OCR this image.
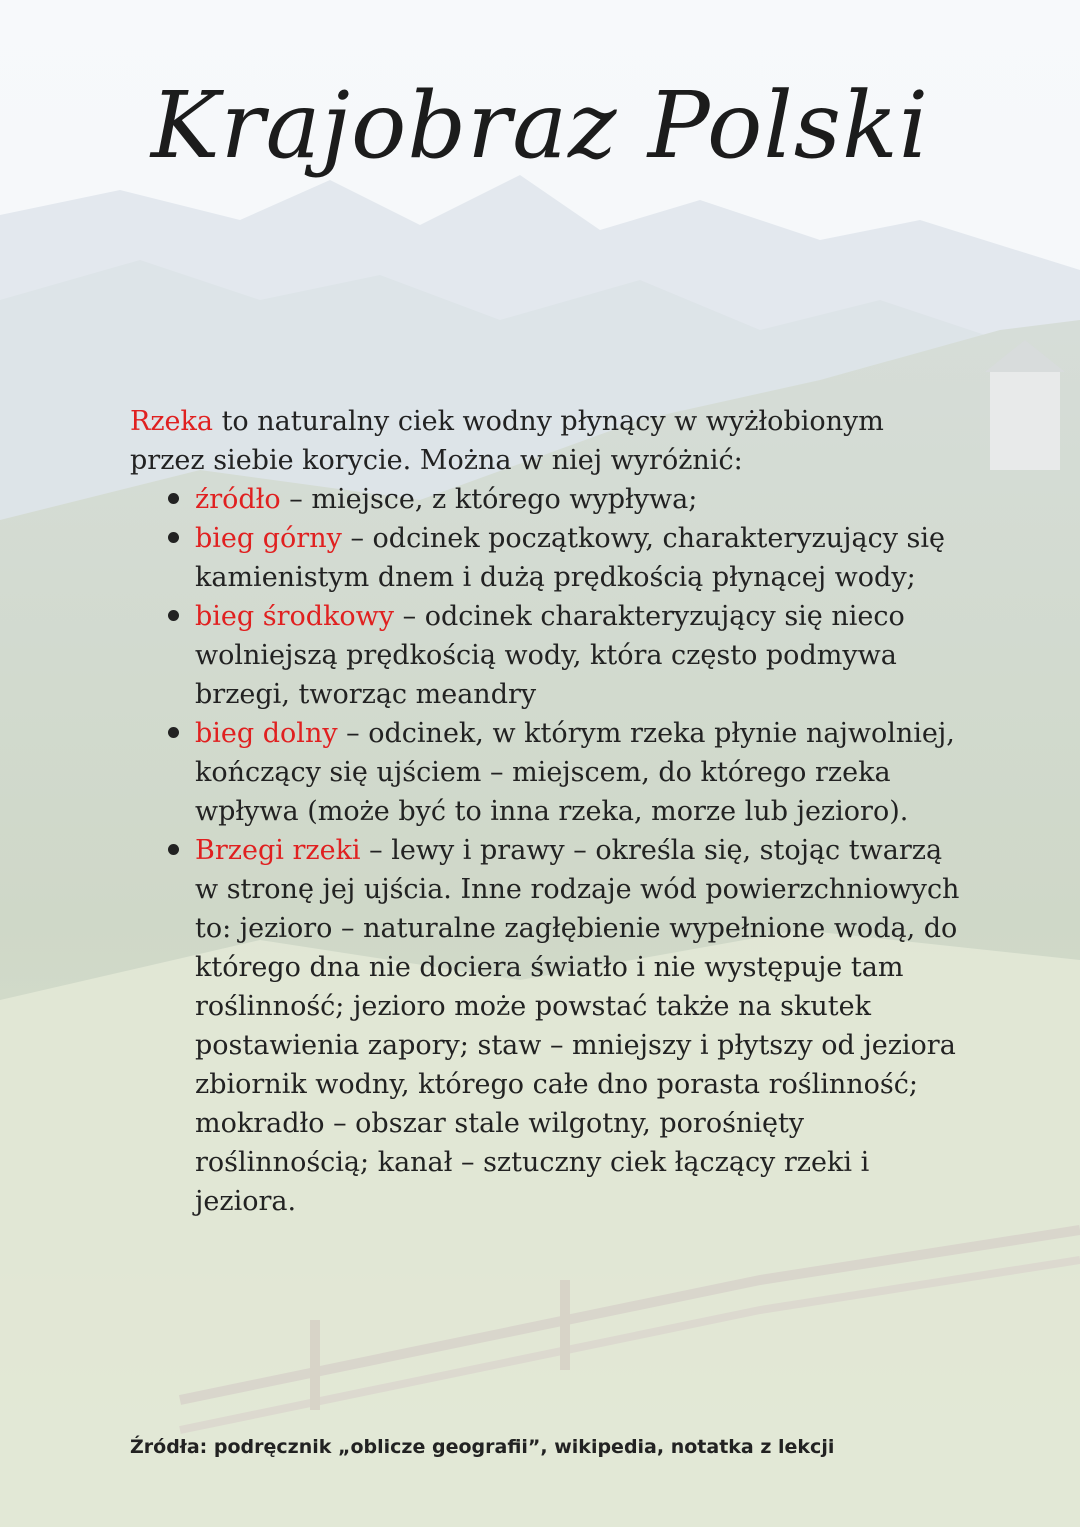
Krajobraz Polski
Rzeka to naturalny ciek wodny płynący w wyżłobionym przez siebie korycie. Można w niej wyróżnić:
źródło – miejsce, z którego wypływa;
bieg górny – odcinek początkowy, charakteryzujący się kamienistym dnem i dużą prędkością płynącej wody;
bieg środkowy – odcinek charakteryzujący się nieco wolniejszą prędkością wody, która często podmywa brzegi, tworząc meandry
bieg dolny – odcinek, w którym rzeka płynie najwolniej, kończący się ujściem – miejscem, do którego rzeka wpływa (może być to inna rzeka, morze lub jezioro).
Brzegi rzeki – lewy i prawy – określa się, stojąc twarzą w stronę jej ujścia. Inne rodzaje wód powierzchniowych to: jezioro – naturalne zagłębienie wypełnione wodą, do którego dna nie dociera światło i nie występuje tam roślinność; jezioro może powstać także na skutek postawienia zapory; staw – mniejszy i płytszy od jeziora zbiornik wodny, którego całe dno porasta roślinność; mokradło – obszar stale wilgotny, porośnięty roślinnością; kanał – sztuczny ciek łączący rzeki i jeziora.
Źródła: podręcznik „oblicze geografii”, wikipedia, notatka z lekcji
